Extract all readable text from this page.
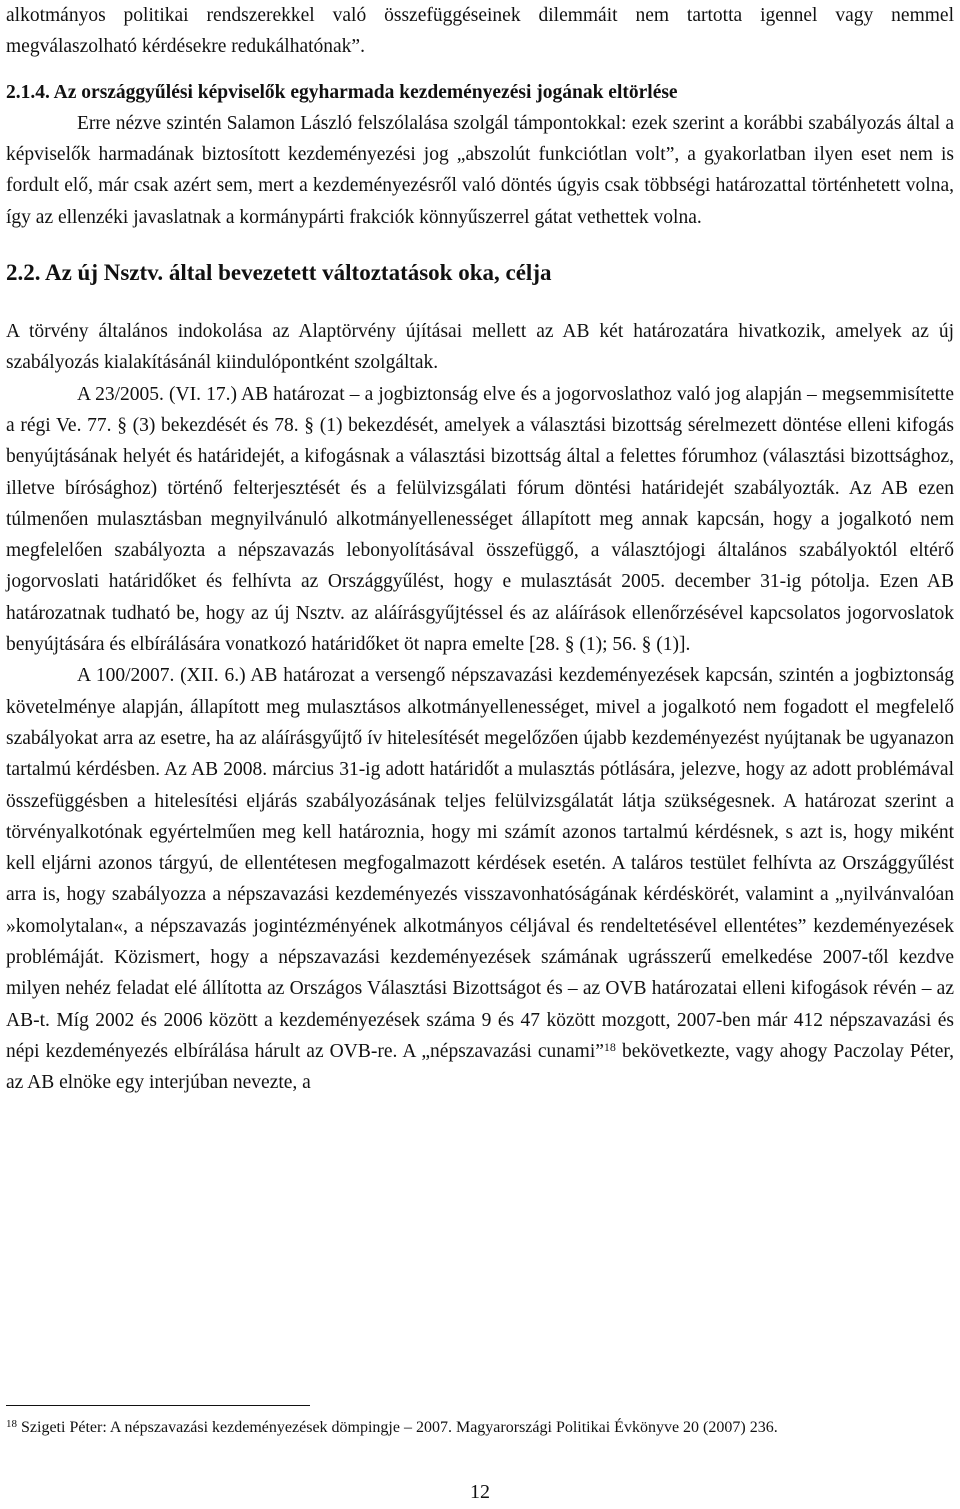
alkotmányos politikai rendszerekkel való összefüggéseinek dilemmáit nem tartotta igennel vagy nemmel megválaszolható kérdésekre redukálhatónak”.

2.1.4. Az országgyűlési képviselők egyharmada kezdeményezési jogának eltörlése

Erre nézve szintén Salamon László felszólalása szolgál támpontokkal: ezek szerint a korábbi szabályozás által a képviselők harmadának biztosított kezdeményezési jog „abszolút funkciótlan volt”, a gyakorlatban ilyen eset nem is fordult elő, már csak azért sem, mert a kezdeményezésről való döntés úgyis csak többségi határozattal történhetett volna, így az ellenzéki javaslatnak a kormánypárti frakciók könnyűszerrel gátat vethettek volna.

2.2. Az új Nsztv. által bevezetett változtatások oka, célja

A törvény általános indokolása az Alaptörvény újításai mellett az AB két határozatára hivatkozik, amelyek az új szabályozás kialakításánál kiindulópontként szolgáltak.

A 23/2005. (VI. 17.) AB határozat – a jogbiztonság elve és a jogorvoslathoz való jog alapján – megsemmisítette a régi Ve. 77. § (3) bekezdését és 78. § (1) bekezdését, amelyek a választási bizottság sérelmezett döntése elleni kifogás benyújtásának helyét és határidejét, a kifogásnak a választási bizottság által a felettes fórumhoz (választási bizottsághoz, illetve bírósághoz) történő felterjesztését és a felülvizsgálati fórum döntési határidejét szabályozták. Az AB ezen túlmenően mulasztásban megnyilvánuló alkotmányellenességet állapított meg annak kapcsán, hogy a jogalkotó nem megfelelően szabályozta a népszavazás lebonyolításával összefüggő, a választójogi általános szabályoktól eltérő jogorvoslati határidőket és felhívta az Országgyűlést, hogy e mulasztását 2005. december 31-ig pótolja. Ezen AB határozatnak tudható be, hogy az új Nsztv. az aláírásgyűjtéssel és az aláírások ellenőrzésével kapcsolatos jogorvoslatok benyújtására és elbírálására vonatkozó határidőket öt napra emelte [28. § (1); 56. § (1)].

A 100/2007. (XII. 6.) AB határozat a versengő népszavazási kezdeményezések kapcsán, szintén a jogbiztonság követelménye alapján, állapított meg mulasztásos alkotmányellenességet, mivel a jogalkotó nem fogadott el megfelelő szabályokat arra az esetre, ha az aláírásgyűjtő ív hitelesítését megelőzően újabb kezdeményezést nyújtanak be ugyanazon tartalmú kérdésben. Az AB 2008. március 31-ig adott határidőt a mulasztás pótlására, jelezve, hogy az adott problémával összefüggésben a hitelesítési eljárás szabályozásának teljes felülvizsgálatát látja szükségesnek. A határozat szerint a törvényalkotónak egyértelműen meg kell határoznia, hogy mi számít azonos tartalmú kérdésnek, s azt is, hogy miként kell eljárni azonos tárgyú, de ellentétesen megfogalmazott kérdések esetén. A taláros testület felhívta az Országgyűlést arra is, hogy szabályozza a népszavazási kezdeményezés visszavonhatóságának kérdéskörét, valamint a „nyilvánvalóan »komolytalan«, a népszavazás jogintézményének alkotmányos céljával és rendeltetésével ellentétes” kezdeményezések problémáját. Közismert, hogy a népszavazási kezdeményezések számának ugrásszerű emelkedése 2007-től kezdve milyen nehéz feladat elé állította az Országos Választási Bizottságot és – az OVB határozatai elleni kifogások révén – az AB-t. Míg 2002 és 2006 között a kezdeményezések száma 9 és 47 között mozgott, 2007-ben már 412 népszavazási és népi kezdeményezés elbírálása hárult az OVB-re. A „népszavazási cunami”$^{18}$ bekövetkezte, vagy ahogy Paczolay Péter, az AB elnöke egy interjúban nevezte, a

$^{18}$ Szigeti Péter: A népszavazási kezdeményezések dömpingje – 2007. Magyarországi Politikai Évkönyve 20 (2007) 236.
12
